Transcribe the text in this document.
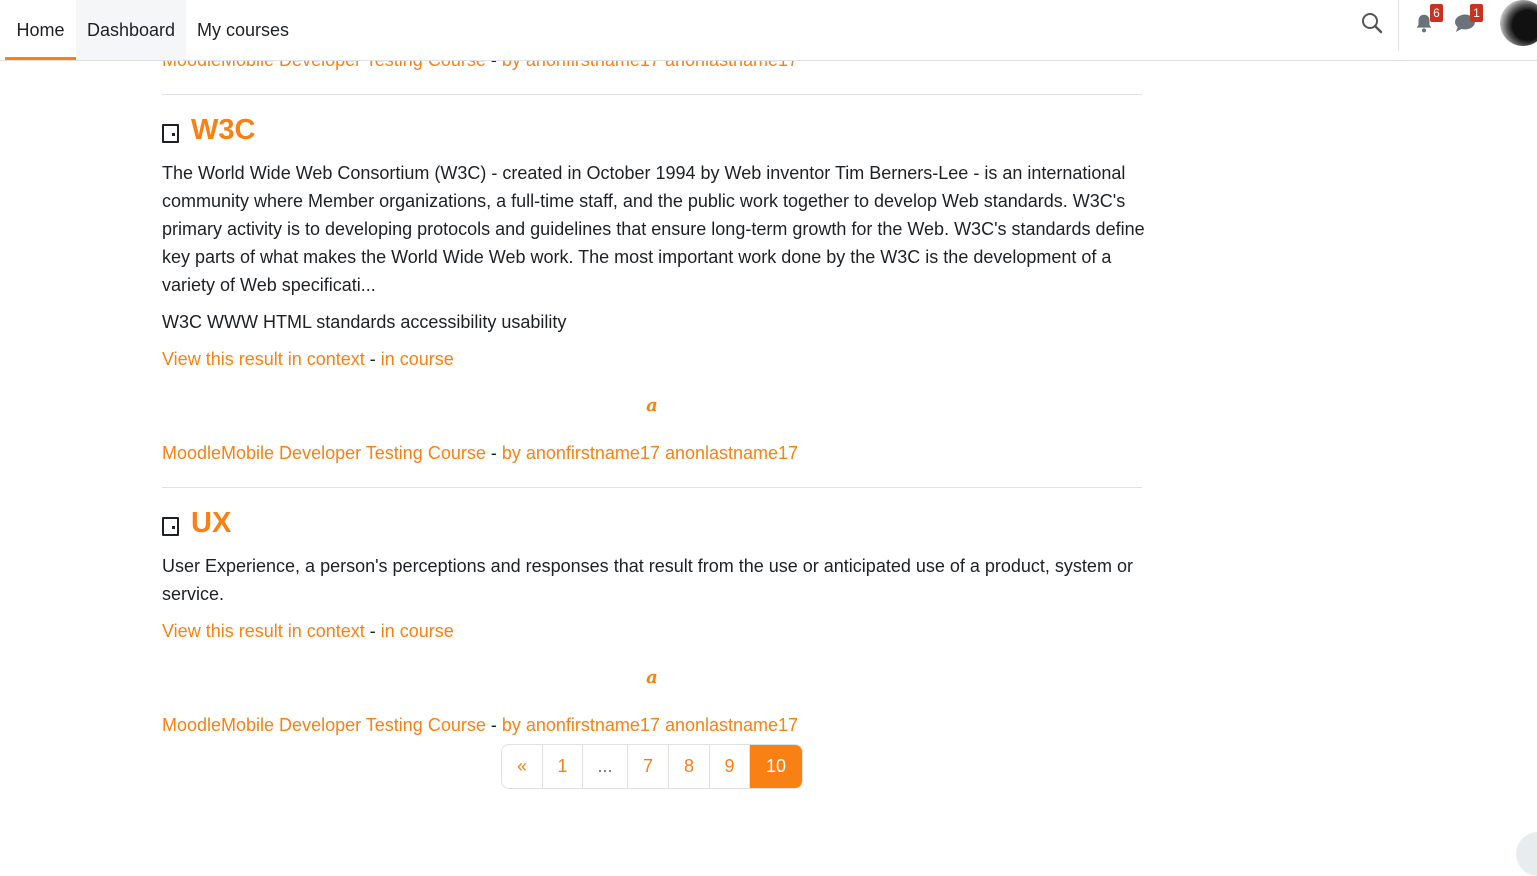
Home	Dashboard	My courses
6	1
W3C

The World Wide Web Consortium (W3C) - created in October 1994 by Web inventor Tim Berners-Lee - is an international community where Member organizations, a full-time staff, and the public work together to develop Web standards. W3C's primary activity is to developing protocols and guidelines that ensure long-term growth for the Web. W3C's standards define key parts of what makes the World Wide Web work. The most important work done by the W3C is the development of a variety of Web specificati...

W3C WWW HTML standards accessibility usability
View this result in context - in course
a
MoodleMobile Developer Testing Course - by anonfirstname17 anonlastname17
UX

User Experience, a person's perceptions and responses that result from the use or anticipated use of a product, system or service.

View this result in context - in course
a
MoodleMobile Developer Testing Course - by anonfirstname17 anonlastname17
«	1	...	7	8	9	10
